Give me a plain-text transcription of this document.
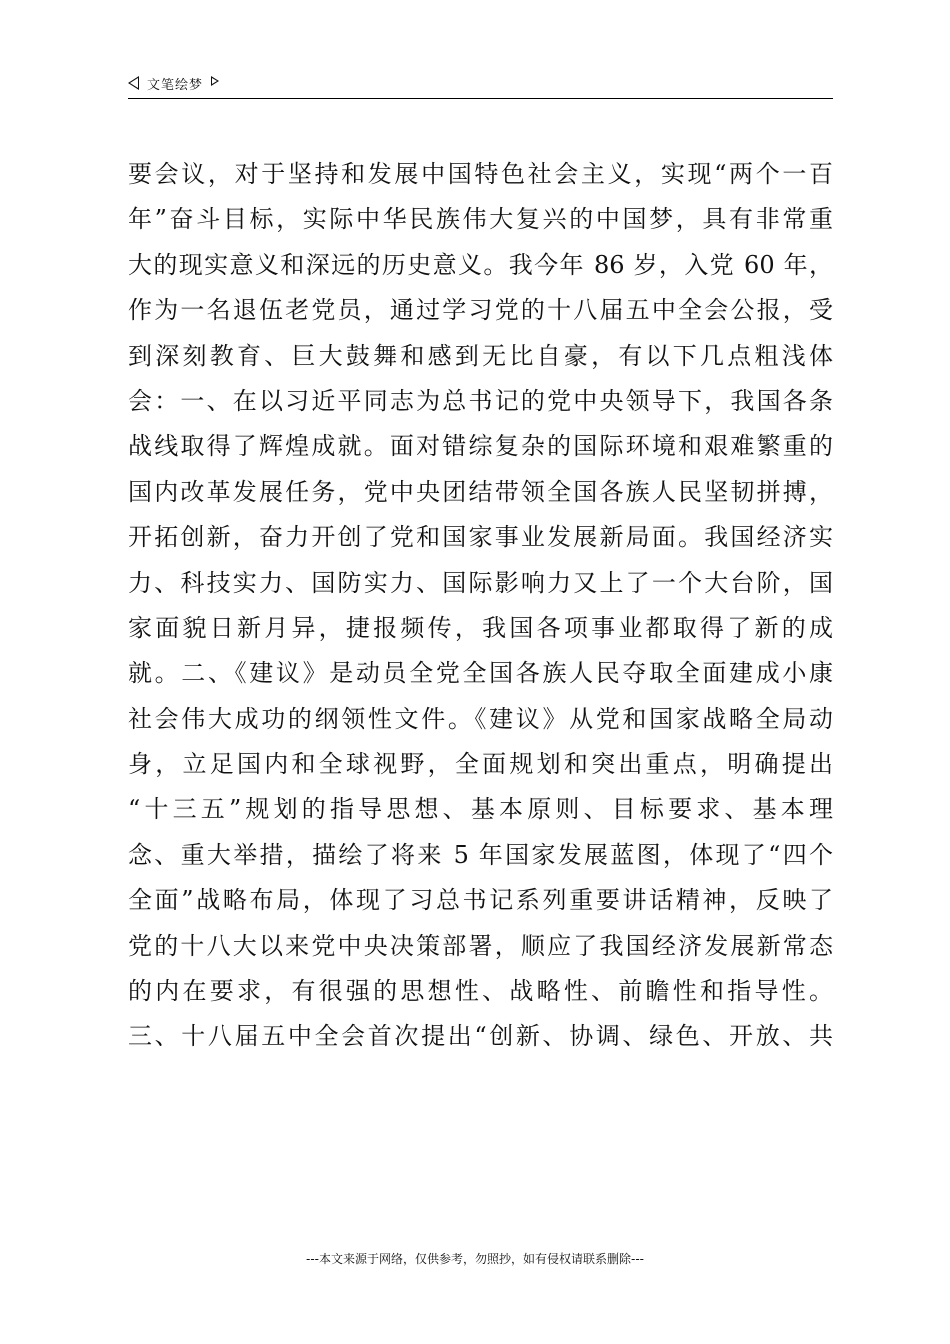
文笔绘梦
要会议，对于坚持和发展中国特色社会主义，实现“两个一百
年”奋斗目标，实际中华民族伟大复兴的中国梦，具有非常重
大的现实意义和深远的历史意义。我今年 86 岁，入党 60 年，
作为一名退伍老党员，通过学习党的十八届五中全会公报，受
到深刻教育、巨大鼓舞和感到无比自豪，有以下几点粗浅体
会：一、在以习近平同志为总书记的党中央领导下，我国各条
战线取得了辉煌成就。面对错综复杂的国际环境和艰难繁重的
国内改革发展任务，党中央团结带领全国各族人民坚韧拼搏，
开拓创新，奋力开创了党和国家事业发展新局面。我国经济实
力、科技实力、国防实力、国际影响力又上了一个大台阶，国
家面貌日新月异，捷报频传，我国各项事业都取得了新的成
就。二、《建议》是动员全党全国各族人民夺取全面建成小康
社会伟大成功的纲领性文件。《建议》从党和国家战略全局动
身，立足国内和全球视野，全面规划和突出重点，明确提出
“十三五”规划的指导思想、基本原则、目标要求、基本理
念、重大举措，描绘了将来 5 年国家发展蓝图，体现了“四个
全面”战略布局，体现了习总书记系列重要讲话精神，反映了
党的十八大以来党中央决策部署，顺应了我国经济发展新常态
的内在要求，有很强的思想性、战略性、前瞻性和指导性。
三、十八届五中全会首次提出“创新、协调、绿色、开放、共
---本文来源于网络，仅供参考，勿照抄，如有侵权请联系删除---
